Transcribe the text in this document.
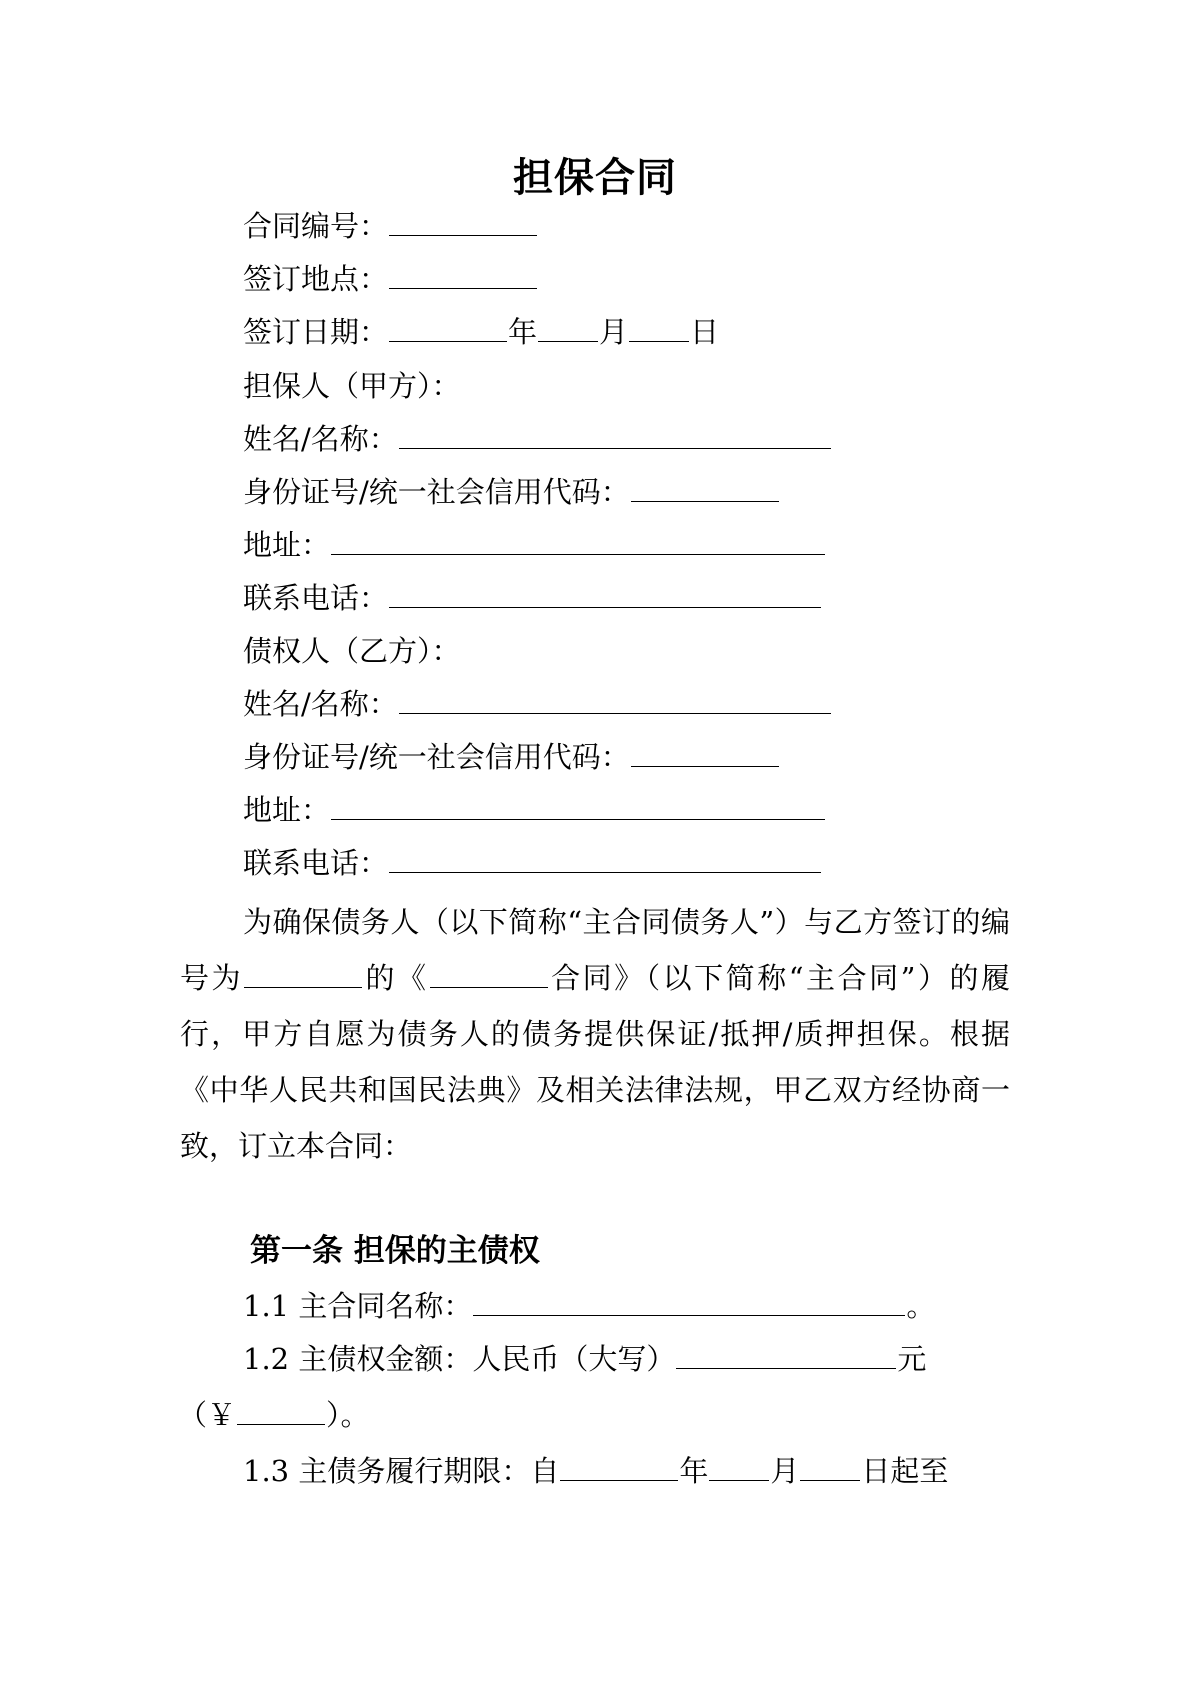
担保合同
合同编号：
签订地点：
签订日期：	年 月 日
担保人（甲方）：
姓名/名称：
身份证号/统一社会信用代码：
地址：
联系电话：
债权人（乙方）：
姓名/名称：
身份证号/统一社会信用代码：
地址：
联系电话：
为确保债务人（以下简称“主合同债务人”）与乙方签订的编号为	的《	合同》（以下简称“主合同”）的履行，甲方自愿为债务人的债务提供保证/抵押/质押担保。根据《中华人民共和国民法典》及相关法律法规，甲乙双方经协商一致，订立本合同：
第一条 担保的主债权
1.1 主合同名称：	。
1.2 主债权金额：人民币（大写）	元
（￥	）。
1.3 主债务履行期限：自	年 月 日起至
